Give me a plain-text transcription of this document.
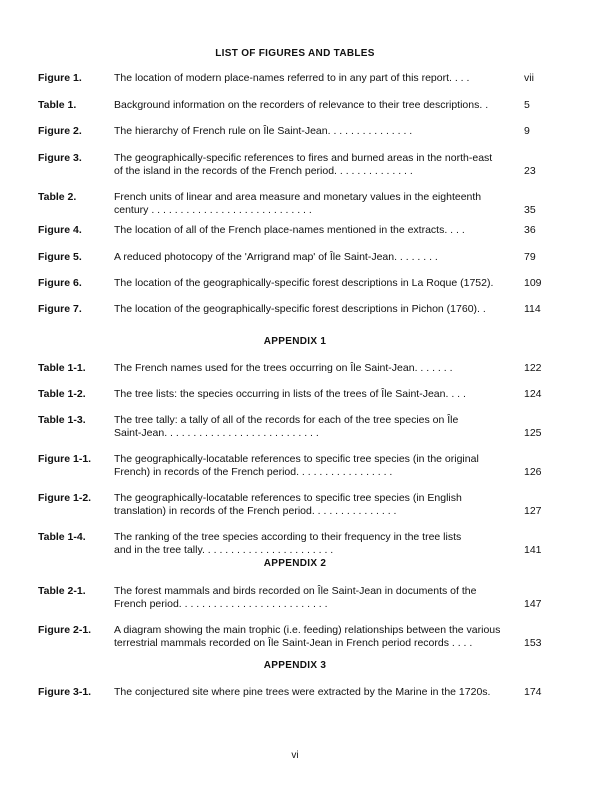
LIST OF FIGURES AND TABLES
Figure 1.	The location of modern place-names referred to in any part of this report. . . .	vii
Table 1.	Background information on the recorders of relevance to their tree descriptions. .	5
Figure 2.	The hierarchy of French rule on Île Saint-Jean. . . . . . . . . . . . . . .	9
Figure 3.	The geographically-specific references to fires and burned areas in the north-east
of the island in the records of the French period. . . . . . . . . . . . . .	23
Table 2.	French units of linear and area measure and monetary values in the eighteenth
century . . . . . . . . . . . . . . . . . . . . . . . . . . . .	35
Figure 4.	The location of all of the French place-names mentioned in the extracts. . . .	36
Figure 5.	A reduced photocopy of the 'Arrigrand map' of Île Saint-Jean. . . . . . . .	79
Figure 6.	The location of the geographically-specific forest descriptions in La Roque (1752).	109
Figure 7.	The location of the geographically-specific forest descriptions in Pichon (1760). .	114
APPENDIX 1
Table 1-1.	The French names used for the trees occurring on Île Saint-Jean. . . . . . .	122
Table 1-2.	The tree lists: the species occurring in lists of the trees of Île Saint-Jean. . . .	124
Table 1-3.	The tree tally: a tally of all of the records for each of the tree species on Île
Saint-Jean. . . . . . . . . . . . . . . . . . . . . . . . . . .	125
Figure 1-1. The geographically-locatable references to specific tree species (in the original
French) in records of the French period. . . . . . . . . . . . . . . . .	126
Figure 1-2. The geographically-locatable references to specific tree species (in English
translation) in records of the French period. . . . . . . . . . . . . . .	127
Table 1-4.	The ranking of the tree species according to their frequency in the tree lists
and in the tree tally. . . . . . . . . . . . . . . . . . . . . . .	141
APPENDIX 2
Table 2-1.	The forest mammals and birds recorded on Île Saint-Jean in documents of the
French period. . . . . . . . . . . . . . . . . . . . . . . . . .	147
Figure 2-1. A diagram showing the main trophic (i.e. feeding) relationships between the various
terrestrial mammals recorded on Île Saint-Jean in French period records . . . .	153
APPENDIX 3
Figure 3-1. The conjectured site where pine trees were extracted by the Marine in the 1720s.	174
vi
